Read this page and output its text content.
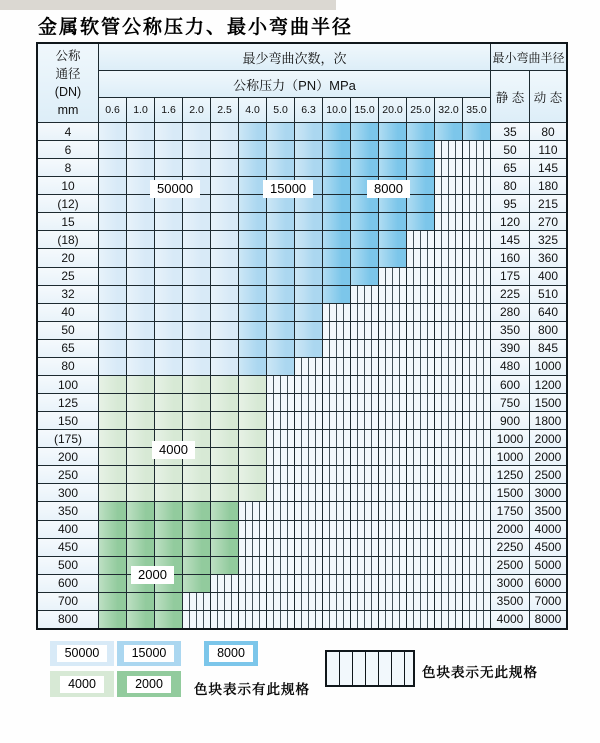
金属软管公称压力、最小弯曲半径
公称
通径
(DN)
mm
最少弯曲次数，次	最小弯曲半径
公称压力（PN）MPa
静 态 动 态
0.6	1.0	1.6	2.0	2.5	4.0	5.0	6.3 10.0 15.0 20.0 25.0 32.0 35.0
4	35	80
6	50	110
8	65	145
10	80	180
(12)	95	215
15	120	270
(18)	145	325
20	160	360
25	175	400
32	225	510
40	280	640
50	350	800
65	390	845
80	480	1000
100	600	1200
125	750	1500
150	900	1800
(175)	1000 2000
200	1000 2000
250	1250 2500
300	1500 3000
350	1750 3500
400	2000 4000
450	2250 4500
500	2500 5000
600	3000 6000
700	3500 7000
800	4000 8000
色块表示有此规格
色块表示无此规格
50000	15000	8000
4000
2000
50000	15000	8000
4000	2000
